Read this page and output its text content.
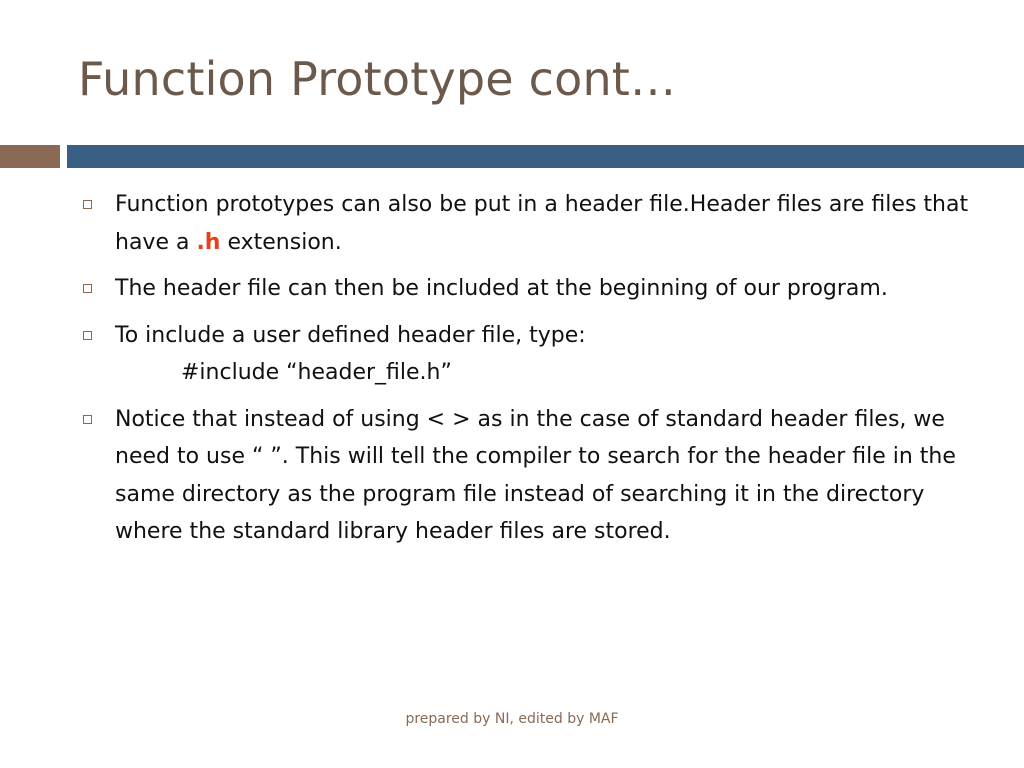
Function Prototype cont…
Function prototypes can also be put in a header file.Header files are files that have a .h extension.
The header file can then be included at the beginning of our program.
To include a user defined header file, type:
#include “header_file.h”
Notice that instead of using < > as in the case of standard header files, we need to use “ ”. This will tell the compiler to search for the header file in the same directory as the program file instead of searching it in the directory where the standard library header files are stored.
prepared by NI, edited by MAF
